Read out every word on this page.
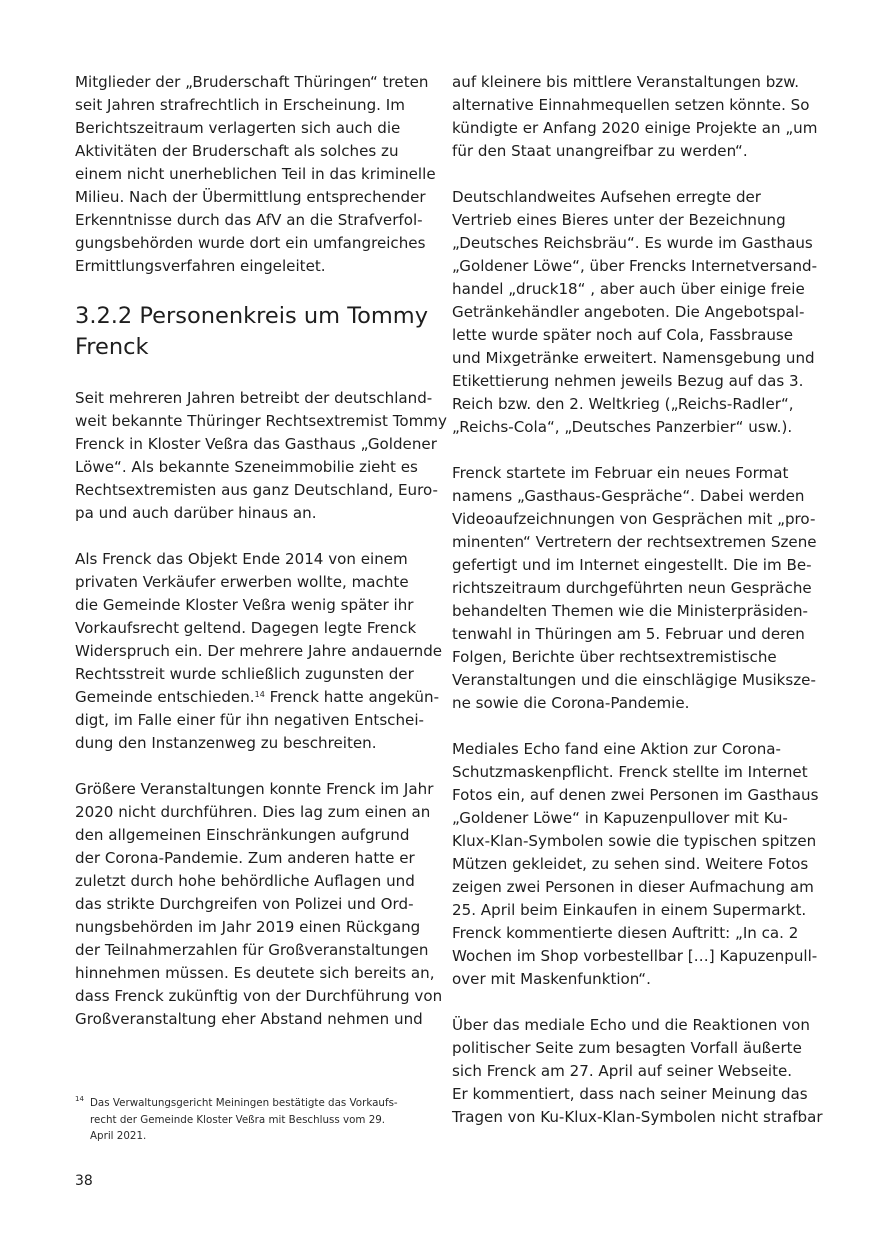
Mitglieder der „Bruderschaft Thüringen“ treten
seit Jahren strafrechtlich in Erscheinung. Im
Berichtszeitraum verlagerten sich auch die
Aktivitäten der Bruderschaft als solches zu
einem nicht unerheblichen Teil in das kriminelle
Milieu. Nach der Übermittlung entsprechender
Erkenntnisse durch das AfV an die Strafverfol-
gungsbehörden wurde dort ein umfangreiches
Ermittlungsverfahren eingeleitet.

3.2.2 Personenkreis um Tommy
Frenck

Seit mehreren Jahren betreibt der deutschland-
weit bekannte Thüringer Rechtsextremist Tommy
Frenck in Kloster Veßra das Gasthaus „Goldener
Löwe“. Als bekannte Szeneimmobilie zieht es
Rechtsextremisten aus ganz Deutschland, Euro-
pa und auch darüber hinaus an.

Als Frenck das Objekt Ende 2014 von einem
privaten Verkäufer erwerben wollte, machte
die Gemeinde Kloster Veßra wenig später ihr
Vorkaufsrecht geltend. Dagegen legte Frenck
Widerspruch ein. Der mehrere Jahre andauernde
Rechtsstreit wurde schließlich zugunsten der
Gemeinde entschieden.$^{14}$ Frenck hatte angekün-
digt, im Falle einer für ihn negativen Entschei-
dung den Instanzenweg zu beschreiten.

Größere Veranstaltungen konnte Frenck im Jahr
2020 nicht durchführen. Dies lag zum einen an
den allgemeinen Einschränkungen aufgrund
der Corona-Pandemie. Zum anderen hatte er
zuletzt durch hohe behördliche Auflagen und
das strikte Durchgreifen von Polizei und Ord-
nungsbehörden im Jahr 2019 einen Rückgang
der Teilnahmerzahlen für Großveranstaltungen
hinnehmen müssen. Es deutete sich bereits an,
dass Frenck zukünftig von der Durchführung von
Großveranstaltung eher Abstand nehmen und

auf kleinere bis mittlere Veranstaltungen bzw.
alternative Einnahmequellen setzen könnte. So
kündigte er Anfang 2020 einige Projekte an „um
für den Staat unangreifbar zu werden“.

Deutschlandweites Aufsehen erregte der
Vertrieb eines Bieres unter der Bezeichnung
„Deutsches Reichsbräu“. Es wurde im Gasthaus
„Goldener Löwe“, über Frencks Internetversand-
handel „druck18“ , aber auch über einige freie
Getränkehändler angeboten. Die Angebotspal-
lette wurde später noch auf Cola, Fassbrause
und Mixgetränke erweitert. Namensgebung und
Etikettierung nehmen jeweils Bezug auf das 3.
Reich bzw. den 2. Weltkrieg („Reichs-Radler“,
„Reichs-Cola“, „Deutsches Panzerbier“ usw.).

Frenck startete im Februar ein neues Format
namens „Gasthaus-Gespräche“. Dabei werden
Videoaufzeichnungen von Gesprächen mit „pro-
minenten“ Vertretern der rechtsextremen Szene
gefertigt und im Internet eingestellt. Die im Be-
richtszeitraum durchgeführten neun Gespräche
behandelten Themen wie die Ministerpräsiden-
tenwahl in Thüringen am 5. Februar und deren
Folgen, Berichte über rechtsextremistische
Veranstaltungen und die einschlägige Musiksze-
ne sowie die Corona-Pandemie.

Mediales Echo fand eine Aktion zur Corona-
Schutzmaskenpflicht. Frenck stellte im Internet
Fotos ein, auf denen zwei Personen im Gasthaus
„Goldener Löwe“ in Kapuzenpullover mit Ku-
Klux-Klan-Symbolen sowie die typischen spitzen
Mützen gekleidet, zu sehen sind. Weitere Fotos
zeigen zwei Personen in dieser Aufmachung am
25. April beim Einkaufen in einem Supermarkt.
Frenck kommentierte diesen Auftritt: „In ca. 2
Wochen im Shop vorbestellbar […] Kapuzenpull-
over mit Maskenfunktion“.

Über das mediale Echo und die Reaktionen von
politischer Seite zum besagten Vorfall äußerte
sich Frenck am 27. April auf seiner Webseite.
Er kommentiert, dass nach seiner Meinung das
Tragen von Ku-Klux-Klan-Symbolen nicht strafbar

14 Das Verwaltungsgericht Meiningen bestätigte das Vorkaufs-
recht der Gemeinde Kloster Veßra mit Beschluss vom 29.
April 2021.
38
